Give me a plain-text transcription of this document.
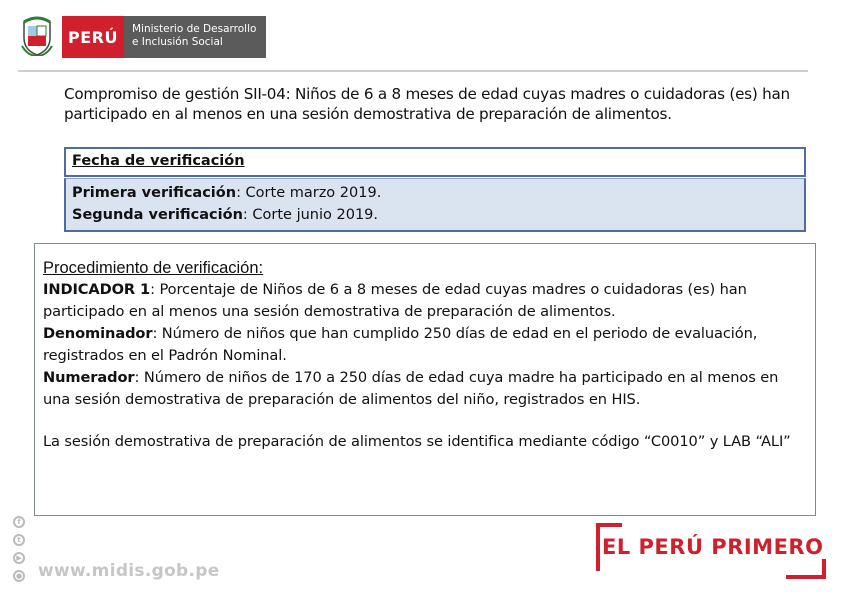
PERÚ	Ministerio de Desarrollo
e Inclusión Social
Compromiso de gestión SII-04: Niños de 6 a 8 meses de edad cuyas madres o cuidadoras (es) han participado en al menos en una sesión demostrativa de preparación de alimentos.
Fecha de verificación
Primera verificación: Corte marzo 2019.
Segunda verificación: Corte junio 2019.
Procedimiento de verificación:
INDICADOR 1: Porcentaje de Niños de 6 a 8 meses de edad cuyas madres o cuidadoras (es) han participado en al menos una sesión demostrativa de preparación de alimentos.
Denominador: Número de niños que han cumplido 250 días de edad en el periodo de evaluación, registrados en el Padrón Nominal.
Numerador: Número de niños de 170 a 250 días de edad cuya madre ha participado en al menos en una sesión demostrativa de preparación de alimentos del niño, registrados en HIS.
La sesión demostrativa de preparación de alimentos se identifica mediante código “C0010” y LAB “ALI”
f
t
▶
● www.midis.gob.pe
EL PERÚ PRIMERO
